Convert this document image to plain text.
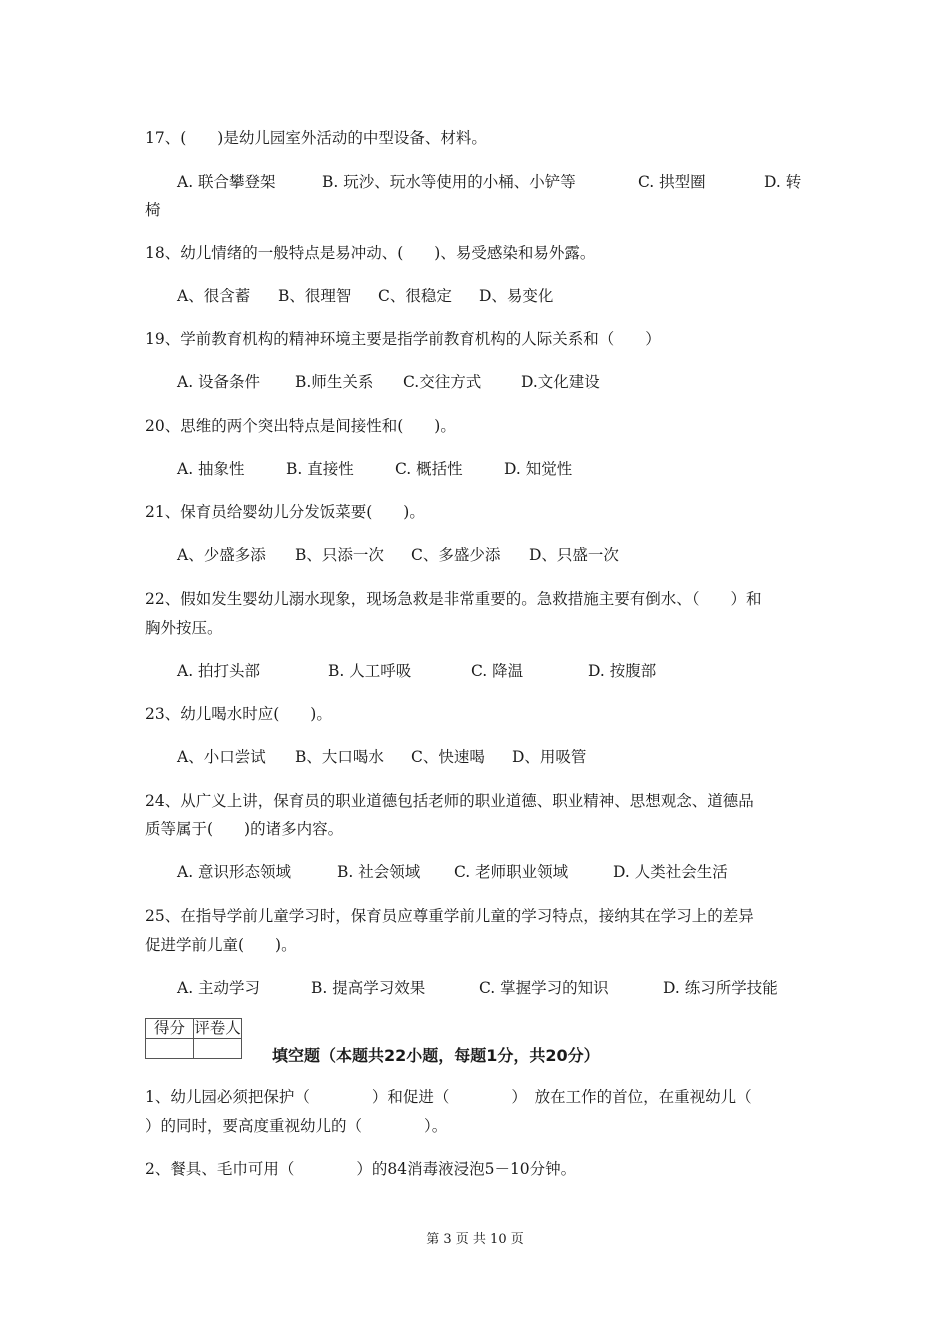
17、(　　)是幼儿园室外活动的中型设备、材料。
A. 联合攀登架	B. 玩沙、玩水等使用的小桶、小铲等	C. 拱型圈	D. 转
椅
18、幼儿情绪的一般特点是易冲动、(　　)、易受感染和易外露。
A、很含蓄 B、很理智 C、很稳定 D、易变化
19、学前教育机构的精神环境主要是指学前教育机构的人际关系和（　　）
A. 设备条件 B.师生关系 C.交往方式	D.文化建设
20、思维的两个突出特点是间接性和(　　)。
A. 抽象性	B. 直接性	C. 概括性	D. 知觉性
21、保育员给婴幼儿分发饭菜要(　　)。
A、少盛多添 B、只添一次 C、多盛少添 D、只盛一次
22、假如发生婴幼儿溺水现象，现场急救是非常重要的。急救措施主要有倒水、（　　）和
胸外按压。
A. 拍打头部	B. 人工呼吸	C. 降温	D. 按腹部
23、幼儿喝水时应(　　)。
A、小口尝试 B、大口喝水 C、快速喝 D、用吸管
24、从广义上讲，保育员的职业道德包括老师的职业道德、职业精神、思想观念、道德品
质等属于(　　)的诸多内容。
A. 意识形态领域	B. 社会领域 C. 老师职业领域	D. 人类社会生活
25、在指导学前儿童学习时，保育员应尊重学前儿童的学习特点，接纳其在学习上的差异
促进学前儿童(　　)。
A. 主动学习	B. 提高学习效果	C. 掌握学习的知识	D. 练习所学技能
得分	评卷人

填空题（本题共22小题，每题1分，共20分）
1、幼儿园必须把保护（　　　　）和促进（　　　　）　放在工作的首位，在重视幼儿（
）的同时，要高度重视幼儿的（　　　　）。
2、餐具、毛巾可用（　　　　）的84消毒液浸泡5－10分钟。
第 3 页 共 10 页
